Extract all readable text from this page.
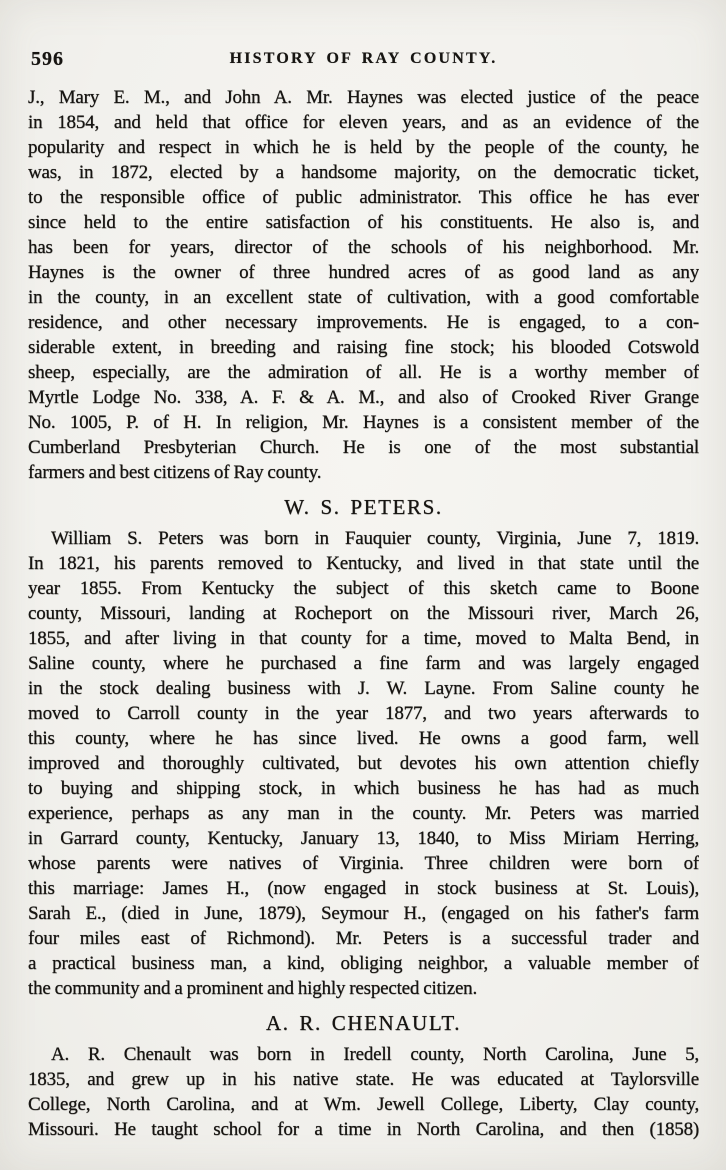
596	HISTORY OF RAY COUNTY.
J., Mary E. M., and John A. Mr. Haynes was elected justice of the peace
in 1854, and held that office for eleven years, and as an evidence of the
popularity and respect in which he is held by the people of the county, he
was, in 1872, elected by a handsome majority, on the democratic ticket,
to the responsible office of public administrator. This office he has ever
since held to the entire satisfaction of his constituents. He also is, and
has been for years, director of the schools of his neighborhood. Mr.
Haynes is the owner of three hundred acres of as good land as any
in the county, in an excellent state of cultivation, with a good comfortable
residence, and other necessary improvements. He is engaged, to a con-
siderable extent, in breeding and raising fine stock; his blooded Cotswold
sheep, especially, are the admiration of all. He is a worthy member of
Myrtle Lodge No. 338, A. F. & A. M., and also of Crooked River Grange
No. 1005, P. of H. In religion, Mr. Haynes is a consistent member of the
Cumberland Presbyterian Church. He is one of the most substantial
farmers and best citizens of Ray county.
W. S. PETERS.
William S. Peters was born in Fauquier county, Virginia, June 7, 1819.
In 1821, his parents removed to Kentucky, and lived in that state until the
year 1855. From Kentucky the subject of this sketch came to Boone
county, Missouri, landing at Rocheport on the Missouri river, March 26,
1855, and after living in that county for a time, moved to Malta Bend, in
Saline county, where he purchased a fine farm and was largely engaged
in the stock dealing business with J. W. Layne. From Saline county he
moved to Carroll county in the year 1877, and two years afterwards to
this county, where he has since lived. He owns a good farm, well
improved and thoroughly cultivated, but devotes his own attention chiefly
to buying and shipping stock, in which business he has had as much
experience, perhaps as any man in the county. Mr. Peters was married
in Garrard county, Kentucky, January 13, 1840, to Miss Miriam Herring,
whose parents were natives of Virginia. Three children were born of
this marriage: James H., (now engaged in stock business at St. Louis),
Sarah E., (died in June, 1879), Seymour H., (engaged on his father's farm
four miles east of Richmond). Mr. Peters is a successful trader and
a practical business man, a kind, obliging neighbor, a valuable member of
the community and a prominent and highly respected citizen.
A. R. CHENAULT.
A. R. Chenault was born in Iredell county, North Carolina, June 5,
1835, and grew up in his native state. He was educated at Taylorsville
College, North Carolina, and at Wm. Jewell College, Liberty, Clay county,
Missouri. He taught school for a time in North Carolina, and then (1858)
